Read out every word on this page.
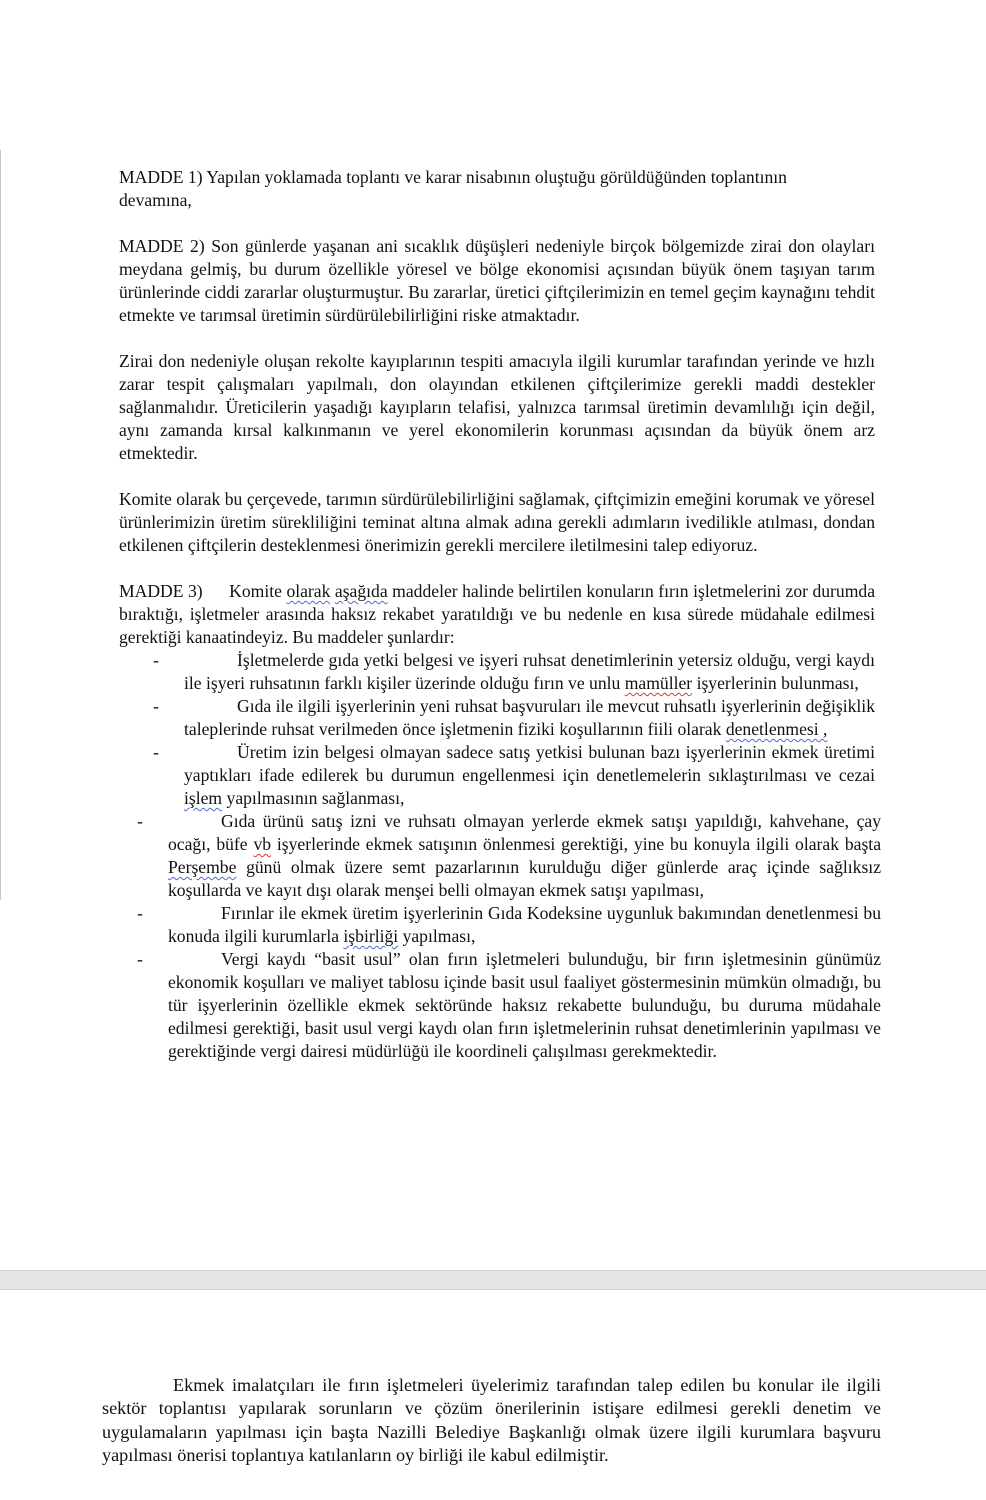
MADDE 1) Yapılan yoklamada toplantı ve karar nisabının oluştuğu görüldüğünden toplantının devamına,

MADDE 2) Son günlerde yaşanan ani sıcaklık düşüşleri nedeniyle birçok bölgemizde zirai don olayları meydana gelmiş, bu durum özellikle yöresel ve bölge ekonomisi açısından büyük önem taşıyan tarım ürünlerinde ciddi zararlar oluşturmuştur. Bu zararlar, üretici çiftçilerimizin en temel geçim kaynağını tehdit etmekte ve tarımsal üretimin sürdürülebilirliğini riske atmaktadır.

Zirai don nedeniyle oluşan rekolte kayıplarının tespiti amacıyla ilgili kurumlar tarafından yerinde ve hızlı zarar tespit çalışmaları yapılmalı, don olayından etkilenen çiftçilerimize gerekli maddi destekler sağlanmalıdır. Üreticilerin yaşadığı kayıpların telafisi, yalnızca tarımsal üretimin devamlılığı için değil, aynı zamanda kırsal kalkınmanın ve yerel ekonomilerin korunması açısından da büyük önem arz etmektedir.

Komite olarak bu çerçevede, tarımın sürdürülebilirliğini sağlamak, çiftçimizin emeğini korumak ve yöresel ürünlerimizin üretim sürekliliğini teminat altına almak adına gerekli adımların ivedilikle atılması, dondan etkilenen çiftçilerin desteklenmesi önerimizin gerekli mercilere iletilmesini talep ediyoruz.

MADDE 3) Komite olarak aşağıda maddeler halinde belirtilen konuların fırın işletmelerini zor durumda bıraktığı, işletmeler arasında haksız rekabet yaratıldığı ve bu nedenle en kısa sürede müdahale edilmesi gerektiği kanaatindeyiz. Bu maddeler şunlardır:

-	İşletmelerde gıda yetki belgesi ve işyeri ruhsat denetimlerinin yetersiz olduğu, vergi kaydı ile işyeri ruhsatının farklı kişiler üzerinde olduğu fırın ve unlu mamüller işyerlerinin bulunması,
-	Gıda ile ilgili işyerlerinin yeni ruhsat başvuruları ile mevcut ruhsatlı işyerlerinin değişiklik taleplerinde ruhsat verilmeden önce işletmenin fiziki koşullarının fiili olarak denetlenmesi ,
-	Üretim izin belgesi olmayan sadece satış yetkisi bulunan bazı işyerlerinin ekmek üretimi yaptıkları ifade edilerek bu durumun engellenmesi için denetlemelerin sıklaştırılması ve cezai işlem yapılmasının sağlanması,
-	Gıda ürünü satış izni ve ruhsatı olmayan yerlerde ekmek satışı yapıldığı, kahvehane, çay ocağı, büfe vb işyerlerinde ekmek satışının önlenmesi gerektiği, yine bu konuyla ilgili olarak başta Perşembe günü olmak üzere semt pazarlarının kurulduğu diğer günlerde araç içinde sağlıksız koşullarda ve kayıt dışı olarak menşei belli olmayan ekmek satışı yapılması,
-	Fırınlar ile ekmek üretim işyerlerinin Gıda Kodeksine uygunluk bakımından denetlenmesi bu konuda ilgili kurumlarla işbirliği yapılması,
-	Vergi kaydı “basit usul” olan fırın işletmeleri bulunduğu, bir fırın işletmesinin günümüz ekonomik koşulları ve maliyet tablosu içinde basit usul faaliyet göstermesinin mümkün olmadığı, bu tür işyerlerinin özellikle ekmek sektöründe haksız rekabette bulunduğu, bu duruma müdahale edilmesi gerektiği, basit usul vergi kaydı olan fırın işletmelerinin ruhsat denetimlerinin yapılması ve gerektiğinde vergi dairesi müdürlüğü ile koordineli çalışılması gerekmektedir.

Ekmek imalatçıları ile fırın işletmeleri üyelerimiz tarafından talep edilen bu konular ile ilgili sektör toplantısı yapılarak sorunların ve çözüm önerilerinin istişare edilmesi gerekli denetim ve uygulamaların yapılması için başta Nazilli Belediye Başkanlığı olmak üzere ilgili kurumlara başvuru yapılması önerisi toplantıya katılanların oy birliği ile kabul edilmiştir.
